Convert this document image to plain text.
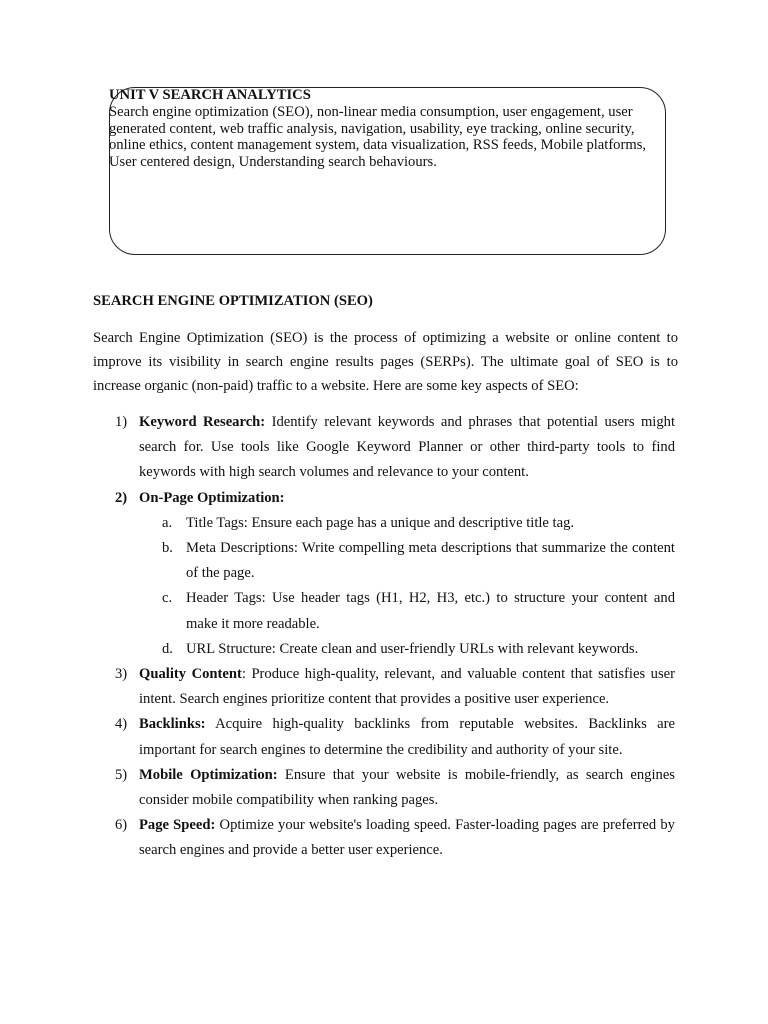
UNIT V SEARCH ANALYTICS
Search engine optimization (SEO), non-linear media consumption, user engagement, user generated content, web traffic analysis, navigation, usability, eye tracking, online security, online ethics, content management system, data visualization, RSS feeds, Mobile platforms, User centered design, Understanding search behaviours.
SEARCH ENGINE OPTIMIZATION (SEO)

Search Engine Optimization (SEO) is the process of optimizing a website or online content to improve its visibility in search engine results pages (SERPs). The ultimate goal of SEO is to increase organic (non-paid) traffic to a website. Here are some key aspects of SEO:

1) Keyword Research: Identify relevant keywords and phrases that potential users might search for. Use tools like Google Keyword Planner or other third-party tools to find keywords with high search volumes and relevance to your content.
2) On-Page Optimization:
a. Title Tags: Ensure each page has a unique and descriptive title tag.
b. Meta Descriptions: Write compelling meta descriptions that summarize the content of the page.
c. Header Tags: Use header tags (H1, H2, H3, etc.) to structure your content and make it more readable.
d. URL Structure: Create clean and user-friendly URLs with relevant keywords.
3) Quality Content: Produce high-quality, relevant, and valuable content that satisfies user intent. Search engines prioritize content that provides a positive user experience.
4) Backlinks: Acquire high-quality backlinks from reputable websites. Backlinks are important for search engines to determine the credibility and authority of your site.
5) Mobile Optimization: Ensure that your website is mobile-friendly, as search engines consider mobile compatibility when ranking pages.
6) Page Speed: Optimize your website's loading speed. Faster-loading pages are preferred by search engines and provide a better user experience.
